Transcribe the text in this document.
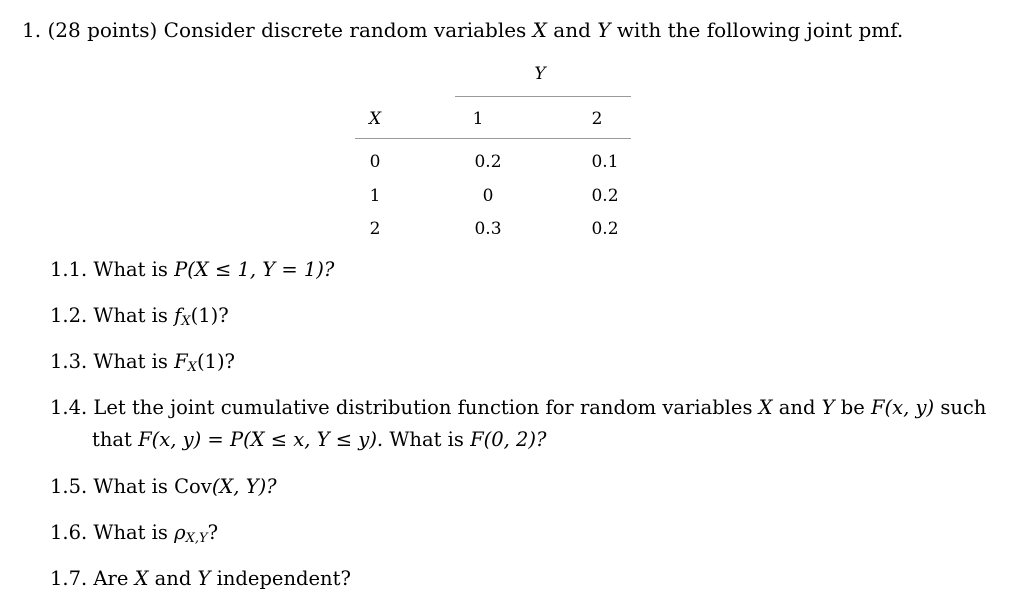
1. (28 points) Consider discrete random variables X and Y with the following joint pmf.
Y
X	1	2
0	0.2	0.1
1	0	0.2
2	0.3	0.2
1.1. What is P(X ≤ 1, Y = 1)?
1.2. What is $f_X(1)$?
1.3. What is $F_X(1)$?
1.4. Let the joint cumulative distribution function for random variables X and Y be F(x, y) such
that F(x, y) = P(X ≤ x, Y ≤ y). What is F(0, 2)?
1.5. What is Cov(X, Y)?
1.6. What is $\rho_{X,Y}$?
1.7. Are X and Y independent?
